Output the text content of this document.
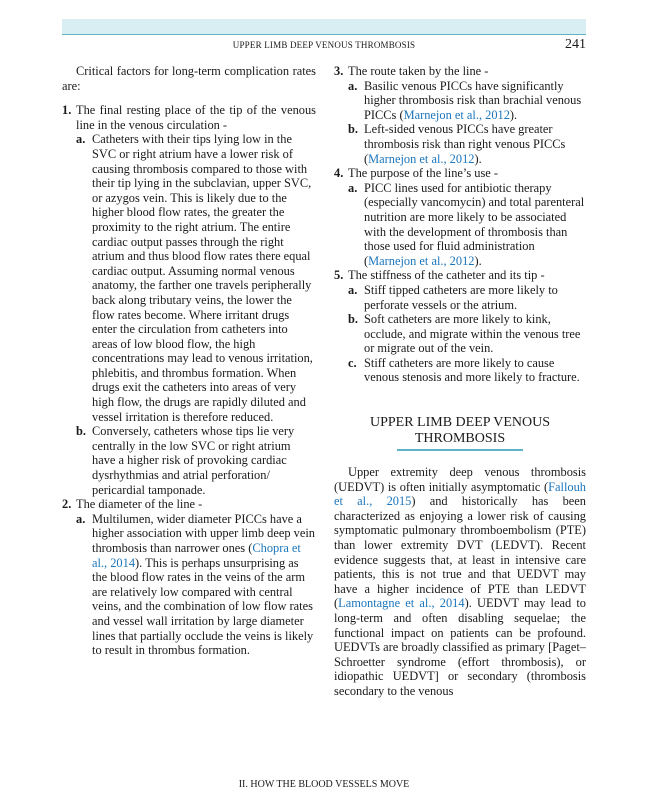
UPPER LIMB DEEP VENOUS THROMBOSIS	241

Critical factors for long-term complication rates are:

1. The final resting place of the tip of the venous line in the venous circulation -
a. Catheters with their tips lying low in the SVC or right atrium have a lower risk of causing thrombosis compared to those with their tip lying in the subclavian, upper SVC, or azygos vein. This is likely due to the higher blood flow rates, the greater the proximity to the right atrium. The entire cardiac output passes through the right atrium and thus blood flow rates there equal cardiac output. Assuming normal venous anatomy, the farther one travels peripherally back along tributary veins, the lower the flow rates become. Where irritant drugs enter the circulation from catheters into areas of low blood flow, the high concentrations may lead to venous irritation, phlebitis, and thrombus formation. When drugs exit the catheters into areas of very high flow, the drugs are rapidly diluted and vessel irritation is therefore reduced.
b. Conversely, catheters whose tips lie very centrally in the low SVC or right atrium have a higher risk of provoking cardiac dysrhythmias and atrial perforation/ pericardial tamponade.
2. The diameter of the line -
a. Multilumen, wider diameter PICCs have a higher association with upper limb deep vein thrombosis than narrower ones (Chopra et al., 2014). This is perhaps unsurprising as the blood flow rates in the veins of the arm are relatively low compared with central veins, and the combination of low flow rates and vessel wall irritation by large diameter lines that partially occlude the veins is likely to result in thrombus formation.
3. The route taken by the line -
a. Basilic venous PICCs have significantly higher thrombosis risk than brachial venous PICCs (Marnejon et al., 2012).
b. Left-sided venous PICCs have greater thrombosis risk than right venous PICCs (Marnejon et al., 2012).
4. The purpose of the line’s use -
a. PICC lines used for antibiotic therapy (especially vancomycin) and total parenteral nutrition are more likely to be associated with the development of thrombosis than those used for fluid administration (Marnejon et al., 2012).
5. The stiffness of the catheter and its tip -
a. Stiff tipped catheters are more likely to perforate vessels or the atrium.
b. Soft catheters are more likely to kink, occlude, and migrate within the venous tree or migrate out of the vein.
c. Stiff catheters are more likely to cause venous stenosis and more likely to fracture.

UPPER LIMB DEEP VENOUS

THROMBOSIS

Upper extremity deep venous thrombosis (UEDVT) is often initially asymptomatic (Fallouh et al., 2015) and historically has been characterized as enjoying a lower risk of causing symptomatic pulmonary thromboembolism (PTE) than lower extremity DVT (LEDVT). Recent evidence suggests that, at least in intensive care patients, this is not true and that UEDVT may have a higher incidence of PTE than LEDVT (Lamontagne et al., 2014). UEDVT may lead to long-term and often disabling sequelae; the functional impact on patients can be profound. UEDVTs are broadly classified as primary [Paget–Schroetter syndrome (effort thrombosis), or idiopathic UEDVT] or secondary (thrombosis secondary to the venous

II. HOW THE BLOOD VESSELS MOVE
